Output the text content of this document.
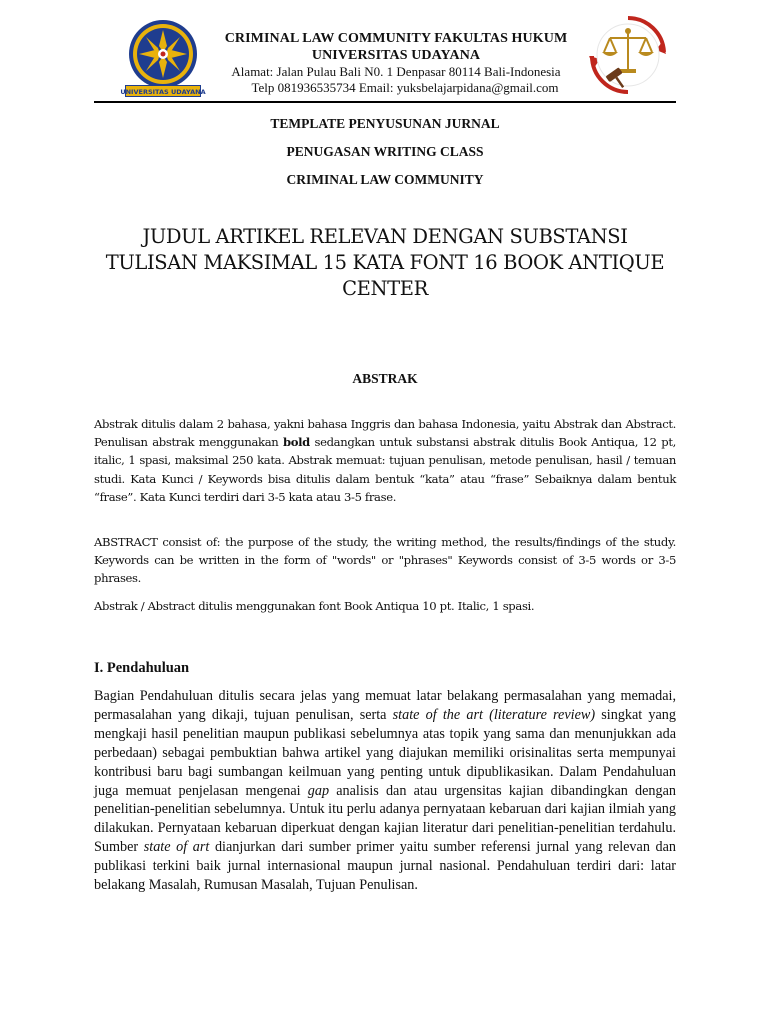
UNIVERSITAS UDAYANA
CRIMINAL LAW COMMUNITY FAKULTAS HUKUM
UNIVERSITAS UDAYANA
Alamat: Jalan Pulau Bali N0. 1 Denpasar 80114 Bali-Indonesia
Telp 081936535734 Email: yuksbelajarpidana@gmail.com
TEMPLATE PENYUSUNAN JURNAL
PENUGASAN WRITING CLASS
CRIMINAL LAW COMMUNITY
JUDUL ARTIKEL RELEVAN DENGAN SUBSTANSI
TULISAN MAKSIMAL 15 KATA FONT 16 BOOK ANTIQUE
CENTER
ABSTRAK

Abstrak ditulis dalam 2 bahasa, yakni bahasa Inggris dan bahasa Indonesia, yaitu Abstrak dan Abstract. Penulisan abstrak menggunakan bold sedangkan untuk substansi abstrak ditulis Book Antiqua, 12 pt, italic, 1 spasi, maksimal 250 kata. Abstrak memuat: tujuan penulisan, metode penulisan, hasil / temuan studi. Kata Kunci / Keywords bisa ditulis dalam bentuk “kata” atau “frase” Sebaiknya dalam bentuk “frase”. Kata Kunci terdiri dari 3-5 kata atau 3-5 frase.

ABSTRACT consist of: the purpose of the study, the writing method, the results/findings of the study. Keywords can be written in the form of "words" or "phrases" Keywords consist of 3-5 words or 3-5 phrases.

Abstrak / Abstract ditulis menggunakan font Book Antiqua 10 pt. Italic, 1 spasi.

I. Pendahuluan

Bagian Pendahuluan ditulis secara jelas yang memuat latar belakang permasalahan yang memadai, permasalahan yang dikaji, tujuan penulisan, serta state of the art (literature review) singkat yang mengkaji hasil penelitian maupun publikasi sebelumnya atas topik yang sama dan menunjukkan ada perbedaan) sebagai pembuktian bahwa artikel yang diajukan memiliki orisinalitas serta mempunyai kontribusi baru bagi sumbangan keilmuan yang penting untuk dipublikasikan. Dalam Pendahuluan juga memuat penjelasan mengenai gap analisis dan atau urgensitas kajian dibandingkan dengan penelitian-penelitian sebelumnya. Untuk itu perlu adanya pernyataan kebaruan dari kajian ilmiah yang dilakukan. Pernyataan kebaruan diperkuat dengan kajian literatur dari penelitian-penelitian terdahulu. Sumber state of art dianjurkan dari sumber primer yaitu sumber referensi jurnal yang relevan dan publikasi terkini baik jurnal internasional maupun jurnal nasional. Pendahuluan terdiri dari: latar belakang Masalah, Rumusan Masalah, Tujuan Penulisan.
